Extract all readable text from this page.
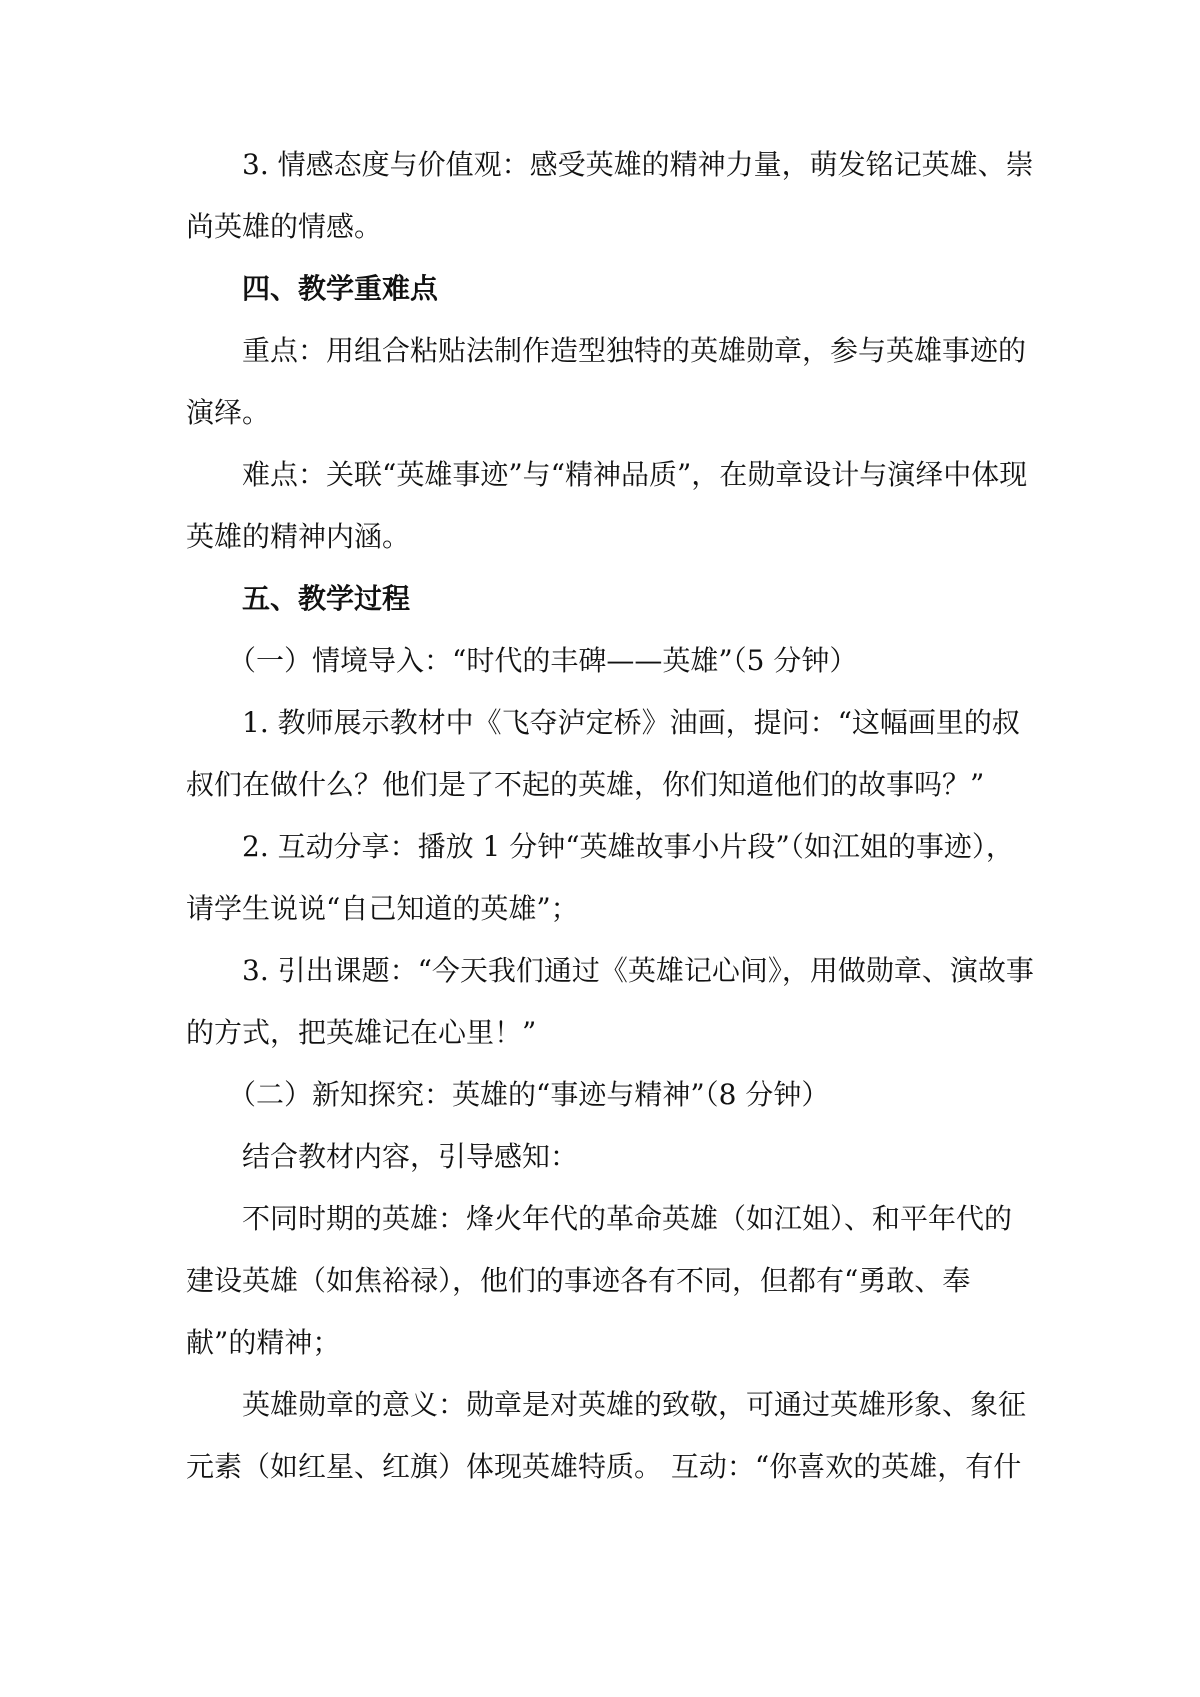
3. 情感态度与价值观：感受英雄的精神力量，萌发铭记英雄、崇尚英雄的情感。

四、教学重难点

重点：用组合粘贴法制作造型独特的英雄勋章，参与英雄事迹的演绎。

难点：关联“英雄事迹”与“精神品质”，在勋章设计与演绎中体现英雄的精神内涵。

五、教学过程

（一）情境导入：“时代的丰碑——英雄”（5 分钟）

1. 教师展示教材中《飞夺泸定桥》油画，提问：“这幅画里的叔叔们在做什么？他们是了不起的英雄，你们知道他们的故事吗？”

2. 互动分享：播放 1 分钟“英雄故事小片段”（如江姐的事迹），请学生说说“自己知道的英雄”；

3. 引出课题：“今天我们通过《英雄记心间》，用做勋章、演故事的方式，把英雄记在心里！”

（二）新知探究：英雄的“事迹与精神”（8 分钟）

结合教材内容，引导感知：

不同时期的英雄：烽火年代的革命英雄（如江姐）、和平年代的建设英雄（如焦裕禄），他们的事迹各有不同，但都有“勇敢、奉献”的精神；

英雄勋章的意义：勋章是对英雄的致敬，可通过英雄形象、象征元素（如红星、红旗）体现英雄特质。 互动：“你喜欢的英雄，有什
